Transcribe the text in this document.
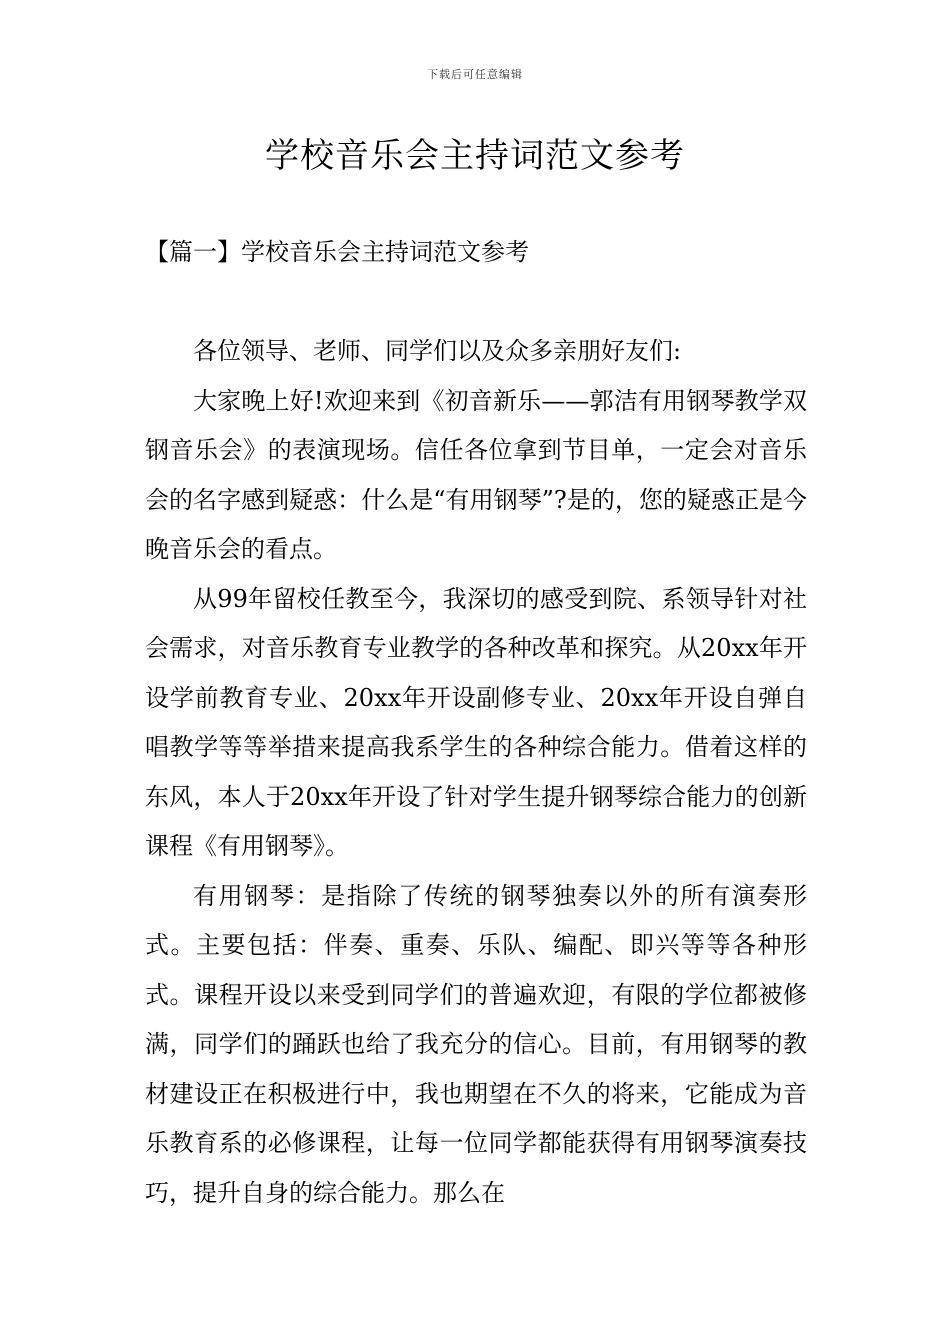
下载后可任意编辑
学校音乐会主持词范文参考
【篇一】学校音乐会主持词范文参考

各位领导、老师、同学们以及众多亲朋好友们:

大家晚上好!欢迎来到《初音新乐——郭洁有用钢琴教学双钢音乐会》的表演现场。信任各位拿到节目单，一定会对音乐会的名字感到疑惑：什么是“有用钢琴”?是的，您的疑惑正是今晚音乐会的看点。

从99年留校任教至今，我深切的感受到院、系领导针对社会需求，对音乐教育专业教学的各种改革和探究。从20xx年开设学前教育专业、20xx年开设副修专业、20xx年开设自弹自唱教学等等举措来提高我系学生的各种综合能力。借着这样的东风，本人于20xx年开设了针对学生提升钢琴综合能力的创新课程《有用钢琴》。

有用钢琴：是指除了传统的钢琴独奏以外的所有演奏形式。主要包括：伴奏、重奏、乐队、编配、即兴等等各种形式。课程开设以来受到同学们的普遍欢迎，有限的学位都被修满，同学们的踊跃也给了我充分的信心。目前，有用钢琴的教材建设正在积极进行中，我也期望在不久的将来，它能成为音乐教育系的必修课程，让每一位同学都能获得有用钢琴演奏技巧，提升自身的综合能力。那么在
